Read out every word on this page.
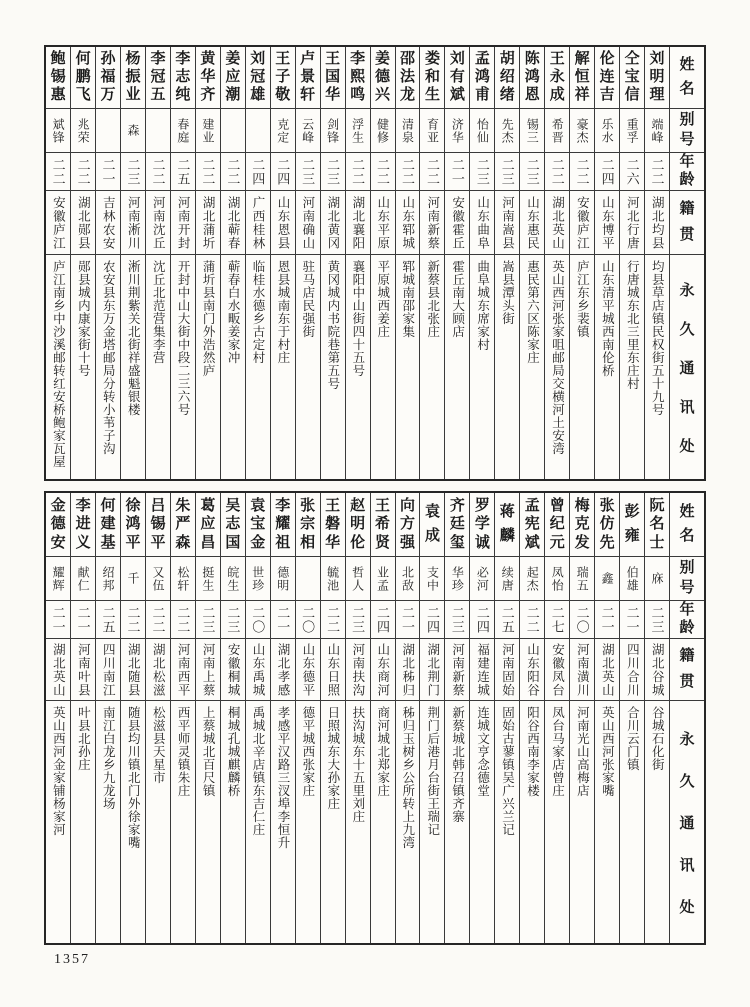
姓
名
别
号
年
龄
籍
贯
永
久
通
讯
处
刘
明
理
端峰
二二
湖北均县
均县草店镇民权街五十九号
仝
宝
信
重孚
二六
河北行唐
行唐城东北三里东庄村
伦
连
吉
乐水
二四
山东博平
山东清平城西南伦桥
解
恒
祥
豪杰
二二
安徽庐江
庐江东乡裴镇
王
永
成
希晋
二二
湖北英山
英山西河张家咀邮局交横河土安湾
陈
鸿
恩
锡三
二三
山东惠民
惠民第六区陈家庄
胡
绍
绪
先杰
二三
河南嵩县
嵩县潭头街
孟
鸿
甫
怡仙
二三
山东曲阜
曲阜城东席家村
刘
有
斌
济华
二一
安徽霍丘
霍丘南大顾店
娄
和
生
育亚
二二
河南新蔡
新蔡县北张庄
邵
法
龙
清泉
二二
山东郓城
郓城南邵家集
姜
德
兴
健修
二二
山东平原
平原城西姜庄
李
熙
鸣
浮生
二二
湖北襄阳
襄阳中山街四十五号
王
国
华
剑锋
二三
湖北黄冈
黄冈城内书院巷第五号
卢
景
轩
云峰
二三
河南确山
驻马店民强街
王
子
敬
克定
二四
山东恩县
恩县城南东于村庄
刘
冠
雄
二四
广西桂林
临桂水德乡古定村
姜
应
潮
二二
湖北蕲春
蕲春白水畈姜家冲
黄
华
齐
建业
二二
湖北蒲圻
蒲圻县南门外浩然庐
李
志
纯
春庭
二五
河南开封
开封中山大街中段二三六号
李
冠
五
二二
河南沈丘
沈丘北范营集李营
杨
振
业
森
二三
河南淅川
淅川荆紫关北街祥盛魁银楼
孙
福
万
二一
吉林农安
农安县东万金塔邮局分转小苇子沟
何
鹏
飞
兆荣
二二
湖北郧县
郧县城内康家街十号
鲍
锡
惠
斌锋
二二
安徽庐江
庐江南乡中沙溪邮转红安桥鲍家瓦屋
姓
名
别
号
年
龄
籍
贯
永
久
通
讯
处
阮
名
士
庥
二三
湖北谷城
谷城石化街
彭
雍
伯雄
二一
四川合川
合川云门镇
张
仿
先
鑫
二一
湖北英山
英山西河张家嘴
梅
克
发
瑞五
二〇
河南潢川
河南光山高梅店
曾
纪
元
凤怡
二七
安徽凤台
凤台马家店曾庄
孟
宪
斌
起杰
二二
山东阳谷
阳谷西南李家楼
蒋
麟
续唐
二五
河南固始
固始古蓼镇吴广兴兰记
罗
学
诚
必河
二四
福建连城
连城文亨念德堂
齐
廷
玺
华珍
二三
河南新蔡
新蔡城北韩召镇齐寨
袁
成
支中
二四
湖北荆门
荆门后港月台街王瑞记
向
方
强
北敌
二一
湖北秭归
秭归玉树乡公所转上九湾
王
希
贤
业孟
二四
山东商河
商河城北郑家庄
赵
明
伦
哲人
二三
河南扶沟
扶沟城东十五里刘庄
王
磐
华
毓池
二二
山东日照
日照城东大孙家庄
张
宗
相
二〇
山东德平
德平城西张家庄
李
耀
祖
德明
二一
湖北孝感
孝感平汉路三汊埠李恒升
袁
宝
金
世珍
二〇
山东禹城
禹城北辛店镇东吉仁庄
吴
志
国
皖生
二三
安徽桐城
桐城孔城麒麟桥
葛
应
昌
挺生
二三
河南上蔡
上蔡城北百尺镇
朱
严
森
松轩
二二
河南西平
西平师灵镇朱庄
吕
锡
平
又伍
二二
湖北松滋
松滋县天星市
徐
鸿
平
千
二二
湖北随县
随县均川镇北门外徐家嘴
何
建
基
绍邦
二五
四川南江
南江白龙乡九龙场
李
进
义
献仁
二一
河南叶县
叶县北孙庄
金
德
安
耀辉
二一
湖北英山
英山西河金家铺杨家河
1357
